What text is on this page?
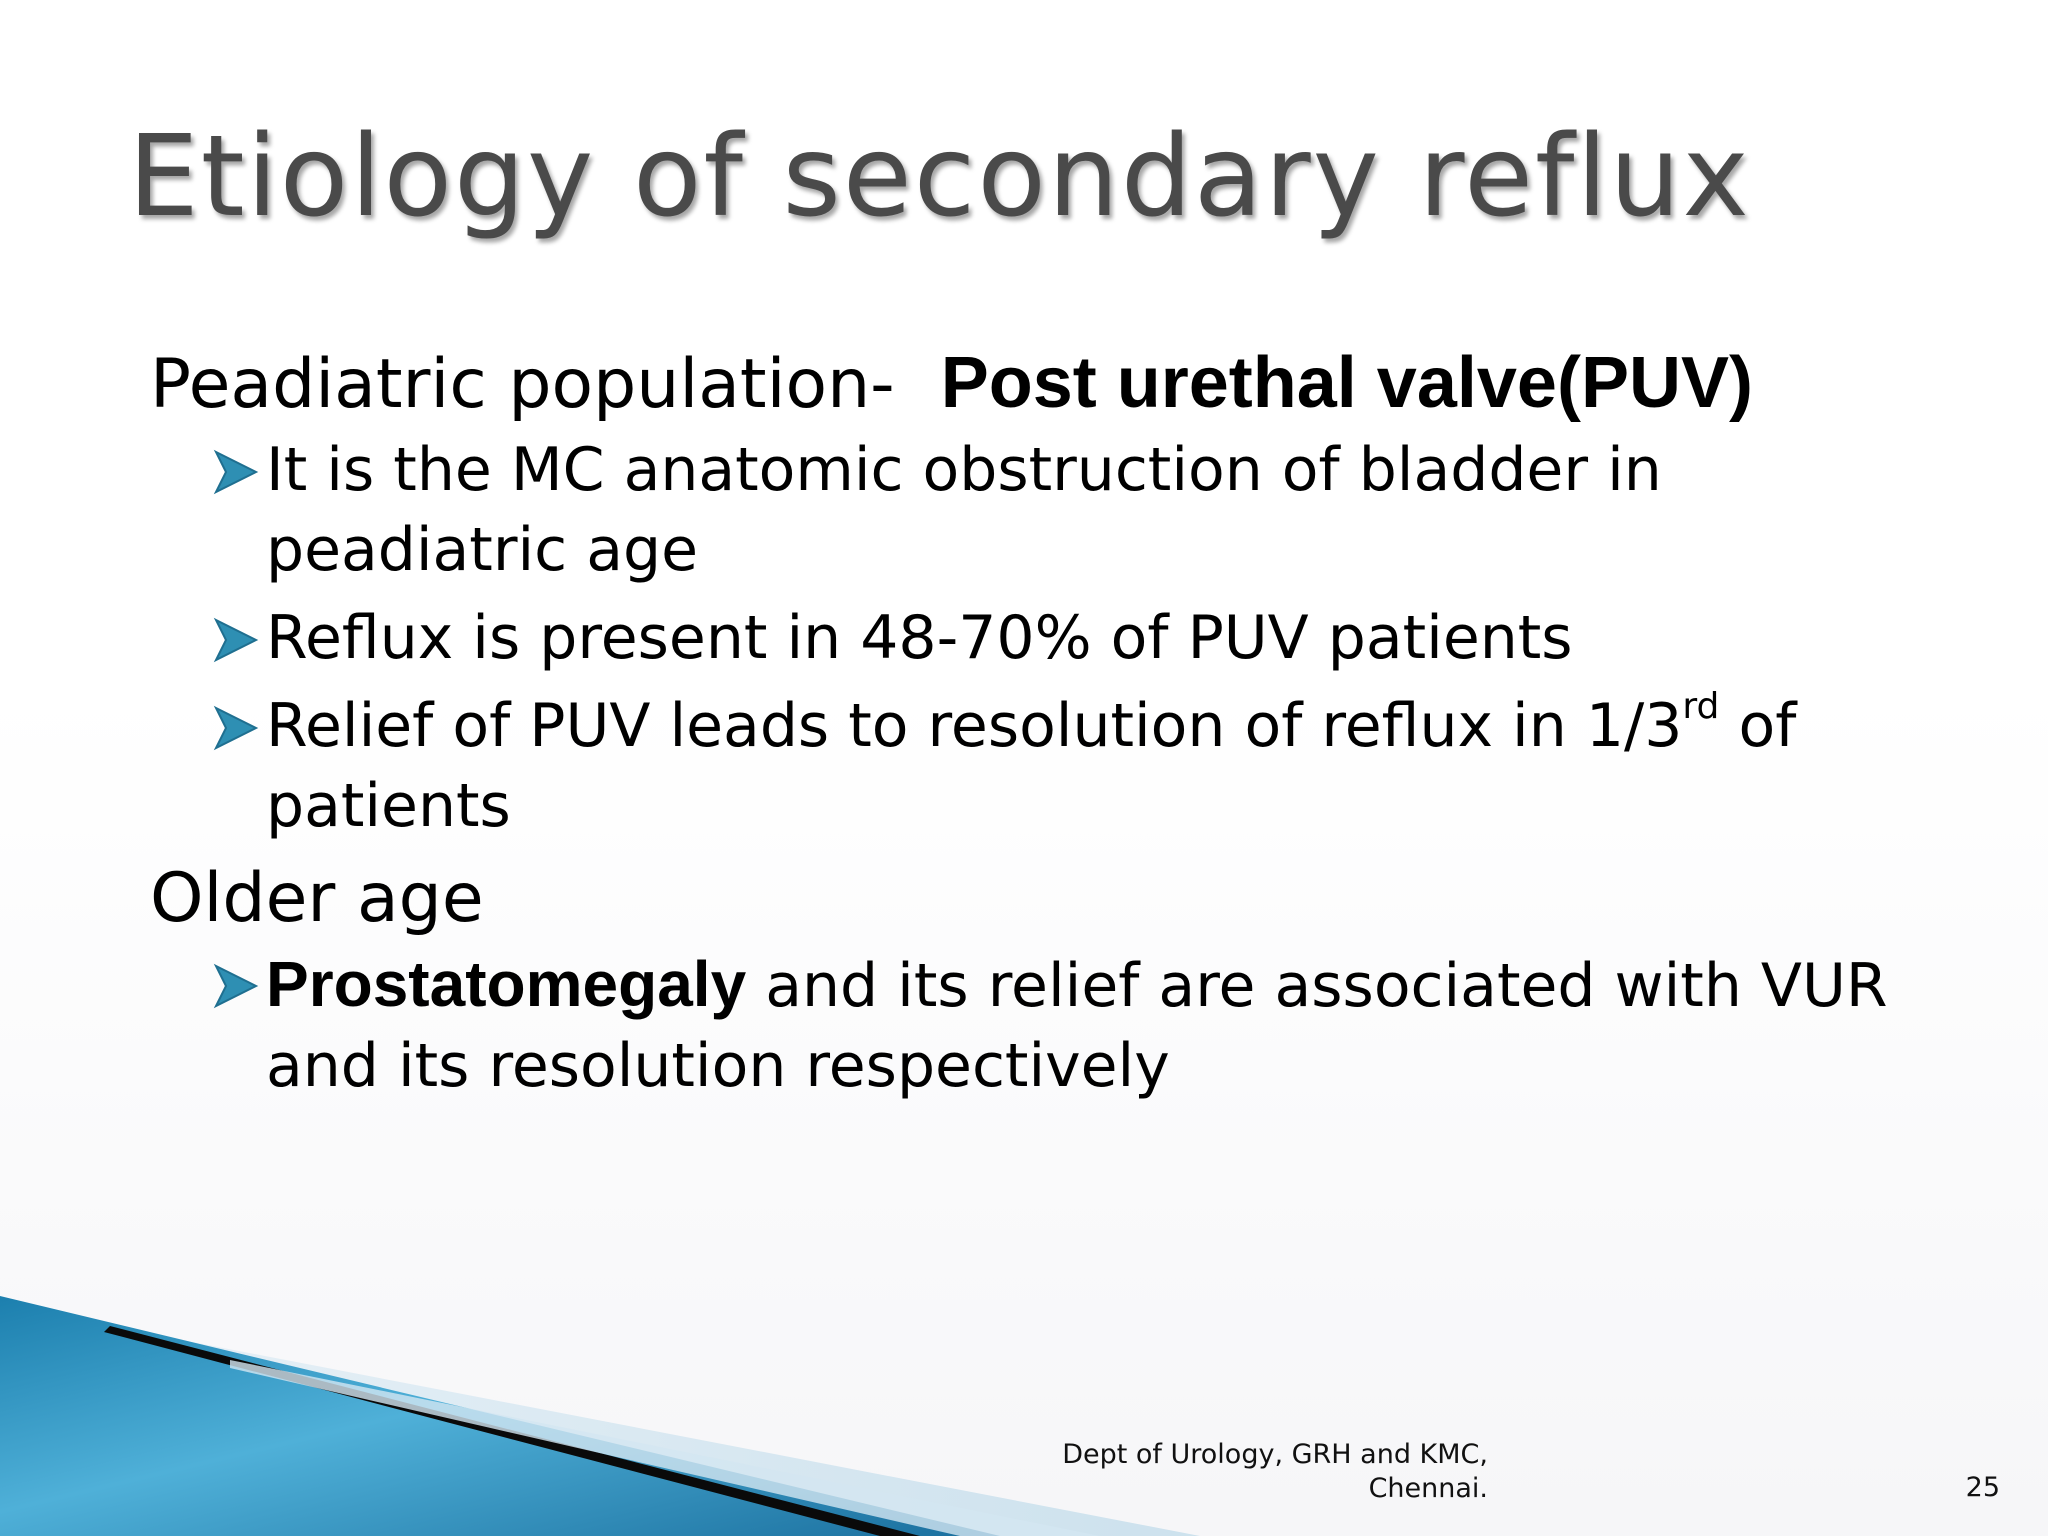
Etiology of secondary reflux
Peadiatric population- Post urethal valve(PUV)
It is the MC anatomic obstruction of bladder in peadiatric age
Reflux is present in 48-70% of PUV patients
Relief of PUV leads to resolution of reflux in 1/3rd of patients
Older age
Prostatomegaly and its relief are associated with VUR and its resolution respectively
Dept of Urology, GRH and KMC,
Chennai.	25
